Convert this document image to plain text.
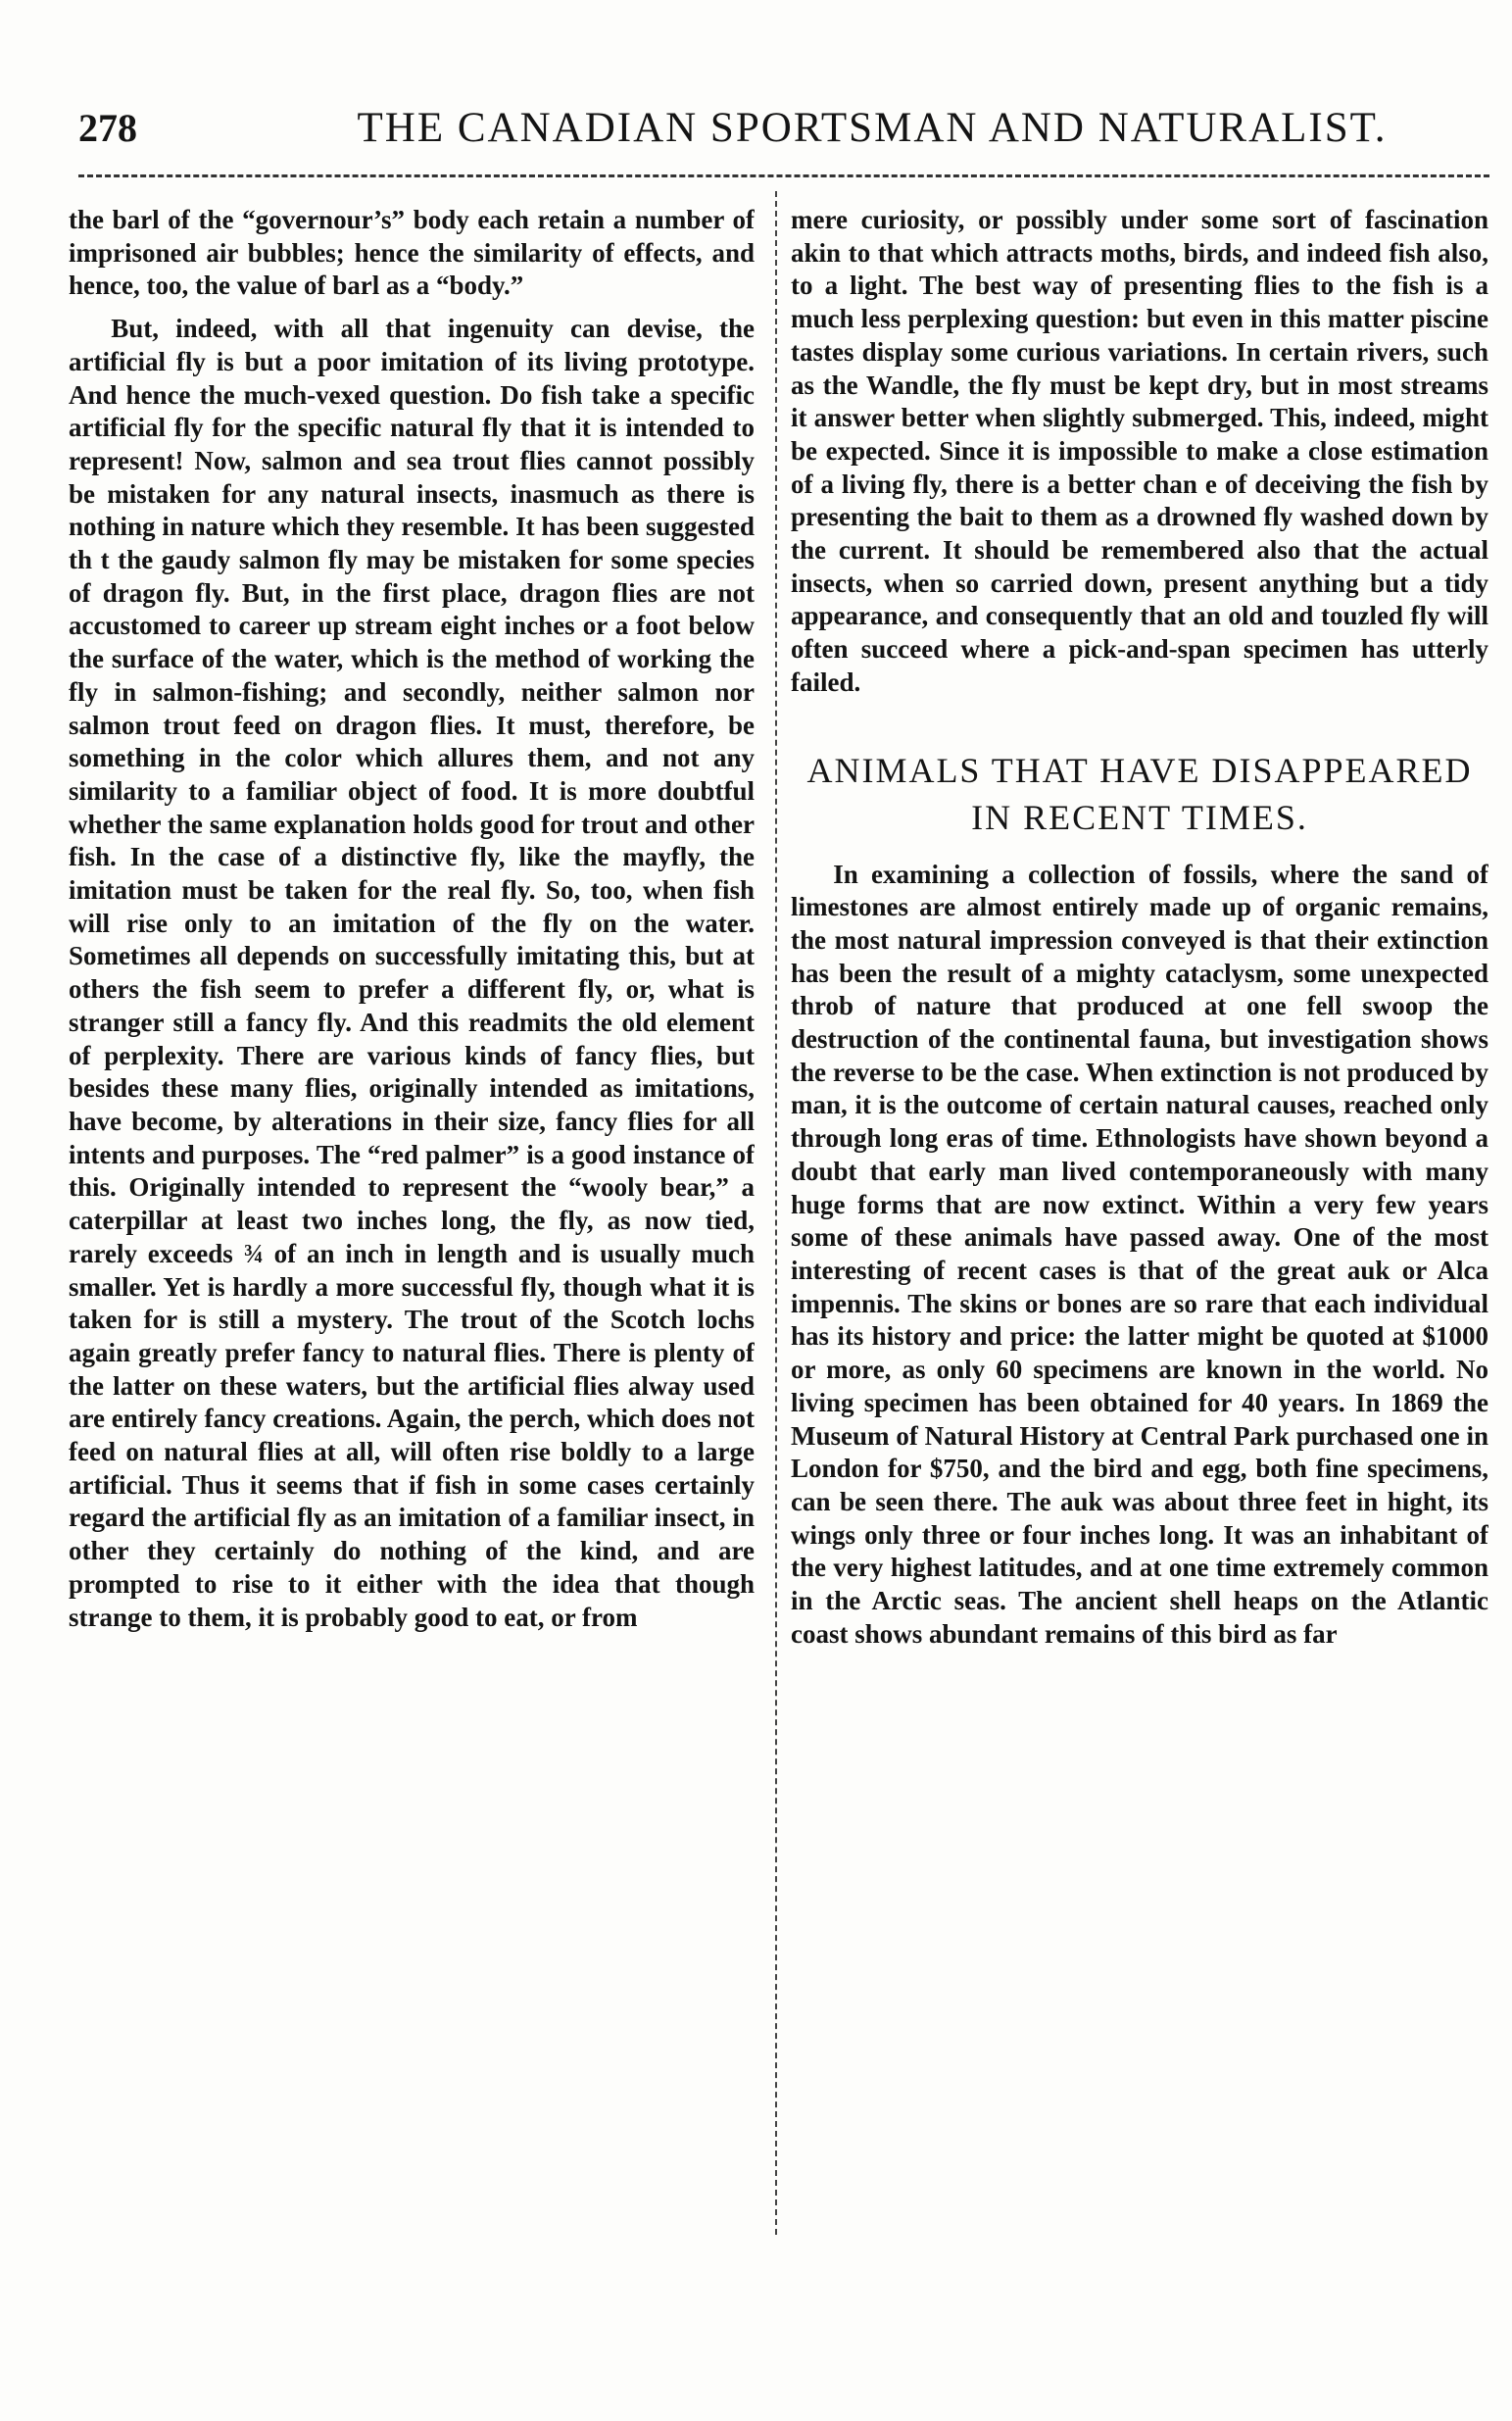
278	THE CANADIAN SPORTSMAN AND NATURALIST.

the barl of the “governour’s” body each retain a number of imprisoned air bubbles; hence the similarity of effects, and hence, too, the value of barl as a “body.”

But, indeed, with all that ingenuity can devise, the artificial fly is but a poor imitation of its living prototype. And hence the much-vexed question. Do fish take a specific artificial fly for the specific natural fly that it is intended to represent! Now, salmon and sea trout flies cannot possibly be mistaken for any natural insects, inasmuch as there is nothing in nature which they resemble. It has been suggested th t the gaudy salmon fly may be mistaken for some species of dragon fly. But, in the first place, dragon flies are not accustomed to career up stream eight inches or a foot below the surface of the water, which is the method of working the fly in salmon-fishing; and secondly, neither salmon nor salmon trout feed on dragon flies. It must, therefore, be something in the color which allures them, and not any similarity to a familiar object of food. It is more doubtful whether the same explanation holds good for trout and other fish. In the case of a distinctive fly, like the mayfly, the imitation must be taken for the real fly. So, too, when fish will rise only to an imitation of the fly on the water. Sometimes all depends on successfully imitating this, but at others the fish seem to prefer a different fly, or, what is stranger still a fancy fly. And this readmits the old element of perplexity. There are various kinds of fancy flies, but besides these many flies, originally intended as imitations, have become, by alterations in their size, fancy flies for all intents and purposes. The “red palmer” is a good instance of this. Originally intended to represent the “wooly bear,” a caterpillar at least two inches long, the fly, as now tied, rarely exceeds ¾ of an inch in length and is usually much smaller. Yet is hardly a more successful fly, though what it is taken for is still a mystery. The trout of the Scotch lochs again greatly prefer fancy to natural flies. There is plenty of the latter on these waters, but the artificial flies alway used are entirely fancy creations. Again, the perch, which does not feed on natural flies at all, will often rise boldly to a large artificial. Thus it seems that if fish in some cases certainly regard the artificial fly as an imitation of a familiar insect, in other they certainly do nothing of the kind, and are prompted to rise to it either with the idea that though strange to them, it is probably good to eat, or from

mere curiosity, or possibly under some sort of fascination akin to that which attracts moths, birds, and indeed fish also, to a light. The best way of presenting flies to the fish is a much less perplexing question: but even in this matter piscine tastes display some curious variations. In certain rivers, such as the Wandle, the fly must be kept dry, but in most streams it answer better when slightly submerged. This, indeed, might be expected. Since it is impossible to make a close estimation of a living fly, there is a better chan e of deceiving the fish by presenting the bait to them as a drowned fly washed down by the current. It should be remembered also that the actual insects, when so carried down, present anything but a tidy appearance, and consequently that an old and touzled fly will often succeed where a pick-and-span specimen has utterly failed.

ANIMALS THAT HAVE DISAPPEARED
IN RECENT TIMES.

In examining a collection of fossils, where the sand of limestones are almost entirely made up of organic remains, the most natural impression conveyed is that their extinction has been the result of a mighty cataclysm, some unexpected throb of nature that produced at one fell swoop the destruction of the continental fauna, but investigation shows the reverse to be the case. When extinction is not produced by man, it is the outcome of certain natural causes, reached only through long eras of time. Ethnologists have shown beyond a doubt that early man lived contemporaneously with many huge forms that are now extinct. Within a very few years some of these animals have passed away. One of the most interesting of recent cases is that of the great auk or Alca impennis. The skins or bones are so rare that each individual has its history and price: the latter might be quoted at $1000 or more, as only 60 specimens are known in the world. No living specimen has been obtained for 40 years. In 1869 the Museum of Natural History at Central Park purchased one in London for $750, and the bird and egg, both fine specimens, can be seen there. The auk was about three feet in hight, its wings only three or four inches long. It was an inhabitant of the very highest latitudes, and at one time extremely common in the Arctic seas. The ancient shell heaps on the Atlantic coast shows abundant remains of this bird as far
